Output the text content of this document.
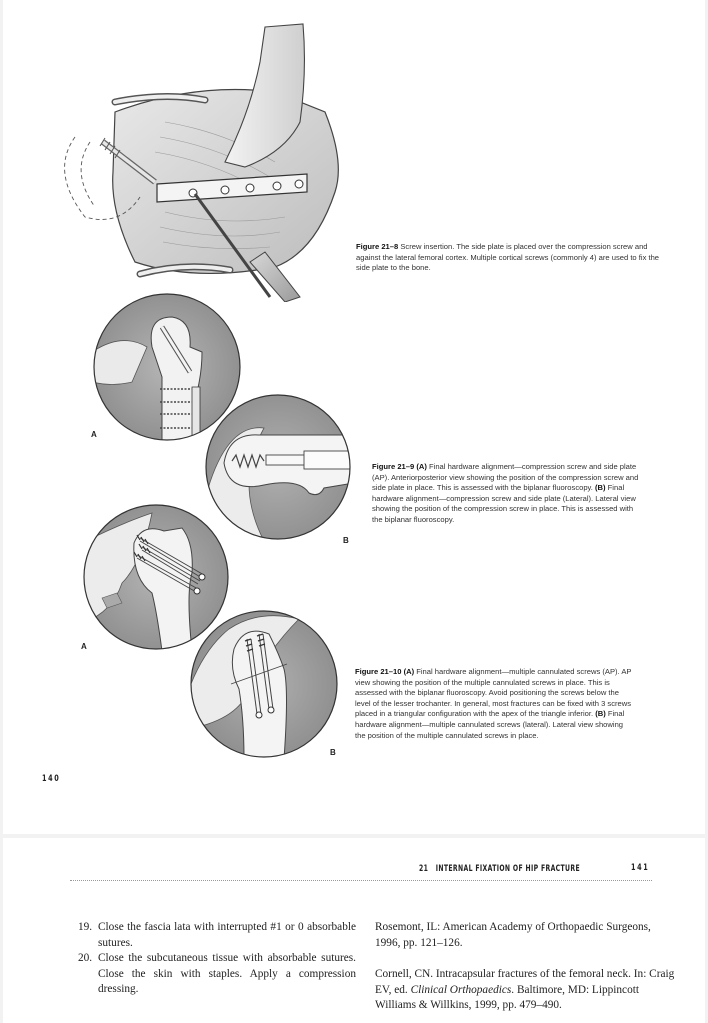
Figure 21–8 Screw insertion. The side plate is placed over the compression screw and against the lateral femoral cortex. Multiple cortical screws (commonly 4) are used to fix the side plate to the bone.
A
B
Figure 21–9 (A) Final hardware alignment—compression screw and side plate (AP). Anteriorposterior view showing the position of the compression screw and side plate in place. This is assessed with the biplanar fluoroscopy. (B) Final hardware alignment—compression screw and side plate (Lateral). Lateral view showing the position of the compression screw in place. This is assessed with the biplanar fluoroscopy.
A
B
Figure 21–10 (A) Final hardware alignment—multiple cannulated screws (AP). AP view showing the position of the multiple cannulated screws in place. This is assessed with the biplanar fluoroscopy. Avoid positioning the screws below the level of the lesser trochanter. In general, most fractures can be fixed with 3 screws placed in a triangular configuration with the apex of the triangle inferior. (B) Final hardware alignment—multiple cannulated screws (lateral). Lateral view showing the position of the multiple cannulated screws in place.
140
21 INTERNAL FIXATION OF HIP FRACTURE	141
19. Close the fascia lata with interrupted #1 or 0 absorbable sutures.
20. Close the subcutaneous tissue with absorbable sutures. Close the skin with staples. Apply a compression dressing.

Rosemont, IL: American Academy of Orthopaedic Surgeons, 1996, pp. 121–126.

Cornell, CN. Intracapsular fractures of the femoral neck. In: Craig EV, ed. Clinical Orthopaedics. Baltimore, MD: Lippincott Williams & Willkins, 1999, pp. 479–490.
